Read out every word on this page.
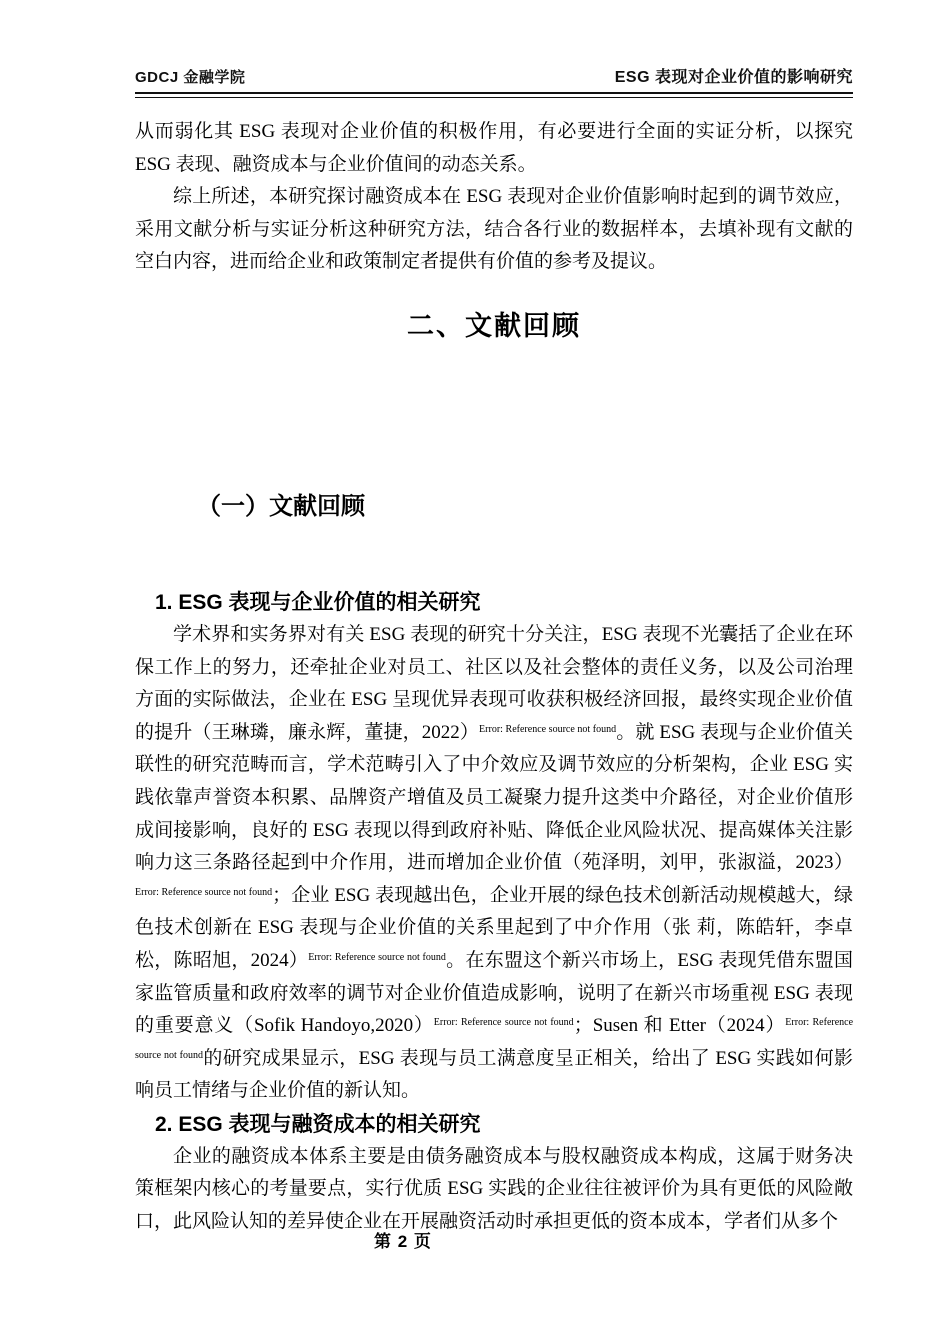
GDCJ 金融学院	ESG 表现对企业价值的影响研究

从而弱化其 ESG 表现对企业价值的积极作用，有必要进行全面的实证分析，以探究 ESG 表现、融资成本与企业价值间的动态关系。

综上所述，本研究探讨融资成本在 ESG 表现对企业价值影响时起到的调节效应，采用文献分析与实证分析这种研究方法，结合各行业的数据样本，去填补现有文献的空白内容，进而给企业和政策制定者提供有价值的参考及提议。

二、文献回顾
（一）文献回顾
1. ESG 表现与企业价值的相关研究

学术界和实务界对有关 ESG 表现的研究十分关注，ESG 表现不光囊括了企业在环保工作上的努力，还牵扯企业对员工、社区以及社会整体的责任义务，以及公司治理方面的实际做法，企业在 ESG 呈现优异表现可收获积极经济回报，最终实现企业价值的提升（王琳璘，廉永辉，董捷，2022）$^{Error: Reference source not found}$。就 ESG 表现与企业价值关联性的研究范畴而言，学术范畴引入了中介效应及调节效应的分析架构，企业 ESG 实践依靠声誉资本积累、品牌资产增值及员工凝聚力提升这类中介路径，对企业价值形成间接影响，良好的 ESG 表现以得到政府补贴、降低企业风险状况、提高媒体关注影响力这三条路径起到中介作用，进而增加企业价值（苑泽明，刘甲，张淑溢，2023）$^{Error: Reference source not found}$；企业 ESG 表现越出色，企业开展的绿色技术创新活动规模越大，绿色技术创新在 ESG 表现与企业价值的关系里起到了中介作用（张 莉，陈皓轩，李卓松，陈昭旭，2024）$^{Error: Reference source not found}$。在东盟这个新兴市场上，ESG 表现凭借东盟国家监管质量和政府效率的调节对企业价值造成影响，说明了在新兴市场重视 ESG 表现的重要意义（Sofik Handoyo,2020）$^{Error: Reference source not found}$；Susen 和 Etter（2024）$^{Error: Reference source not found}$的研究成果显示，ESG 表现与员工满意度呈正相关，给出了 ESG 实践如何影响员工情绪与企业价值的新认知。

2. ESG 表现与融资成本的相关研究

企业的融资成本体系主要是由债务融资成本与股权融资成本构成，这属于财务决策框架内核心的考量要点，实行优质 ESG 实践的企业往往被评价为具有更低的风险敞口，此风险认知的差异使企业在开展融资活动时承担更低的资本成本，学者们从多个

第 2 页
